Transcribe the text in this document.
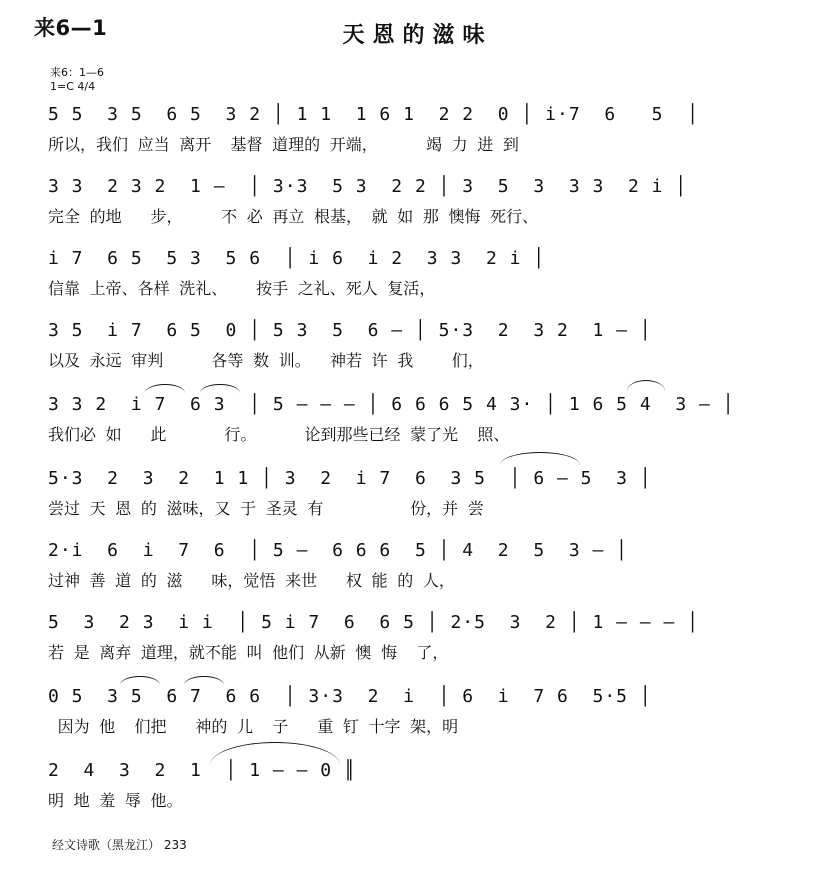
来6—1	天恩的滋味
来6：1—6
1=C 4/4
5 5  3 5  6 5  3 2 │ 1 1  1 6 1  2 2  0 │ i·7  6   5  │
所以，我们 应当 离开  基督 道理的 开端，     竭 力 进 到
3 3  2 3 2  1 –  │ 3·3  5 3  2 2 │ 3  5  3  3 3  2 i │
完全 的地   步，    不 必 再立 根基， 就 如 那 懊悔 死行、
i 7  6 5  5 3  5 6  │ i 6  i 2  3 3  2 i │
信靠 上帝、各样 洗礼、   按手 之礼、死人 复活，
3 5  i 7  6 5  0 │ 5 3  5  6 – │ 5·3  2  3 2  1 – │
以及 永远 审判     各等 数 训。  神若 许 我    们，
3 3 2  i 7  6 3  │ 5 – – – │ 6 6 6 5 4 3· │ 1 6 5 4  3 – │
我们必 如   此      行。     论到那些已经 蒙了光  照、
5·3  2  3  2  1 1 │ 3  2  i 7  6  3 5  │ 6 – 5  3 │
尝过 天 恩 的 滋味，又 于 圣灵 有         份，并 尝
2·i  6  i  7  6  │ 5 –  6 6 6  5 │ 4  2  5  3 – │
过神 善 道 的 滋   味，觉悟 来世   权 能 的 人，
5  3  2 3  i i  │ 5 i 7  6  6 5 │ 2·5  3  2 │ 1 – – – │
若 是 离弃 道理，就不能 叫 他们 从新 懊 悔  了，
0 5  3 5  6 7  6 6  │ 3·3  2  i  │ 6  i  7 6  5·5 │
因为 他  们把   神的 儿  子   重 钉 十字 架，明
2  4  3  2  1  │ 1 – – 0 ║
明 地 羞 辱 他。
经文诗歌（黑龙江） 233
